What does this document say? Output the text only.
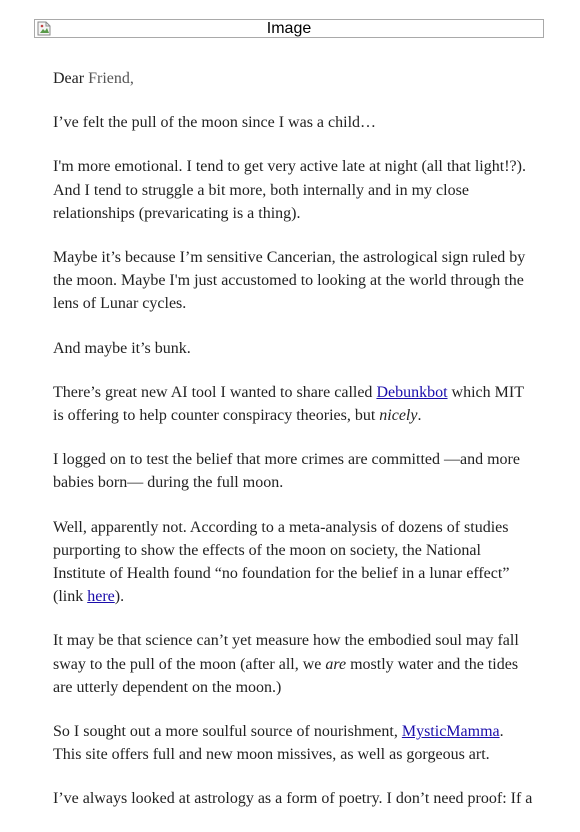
Image

Dear Friend,

I’ve felt the pull of the moon since I was a child…

I'm more emotional. I tend to get very active late at night (all that light!?). And I tend to struggle a bit more, both internally and in my close relationships (prevaricating is a thing).

Maybe it’s because I’m sensitive Cancerian, the astrological sign ruled by the moon. Maybe I'm just accustomed to looking at the world through the lens of Lunar cycles.

And maybe it’s bunk.

There’s great new AI tool I wanted to share called Debunkbot which MIT is offering to help counter conspiracy theories, but nicely.

I logged on to test the belief that more crimes are committed —and more babies born— during the full moon.

Well, apparently not. According to a meta-analysis of dozens of studies purporting to show the effects of the moon on society, the National Institute of Health found “no foundation for the belief in a lunar effect” (link here).

It may be that science can’t yet measure how the embodied soul may fall sway to the pull of the moon (after all, we are mostly water and the tides are utterly dependent on the moon.)

So I sought out a more soulful source of nourishment, MysticMamma. This site offers full and new moon missives, as well as gorgeous art.

I’ve always looked at astrology as a form of poetry. I don’t need proof: If a
